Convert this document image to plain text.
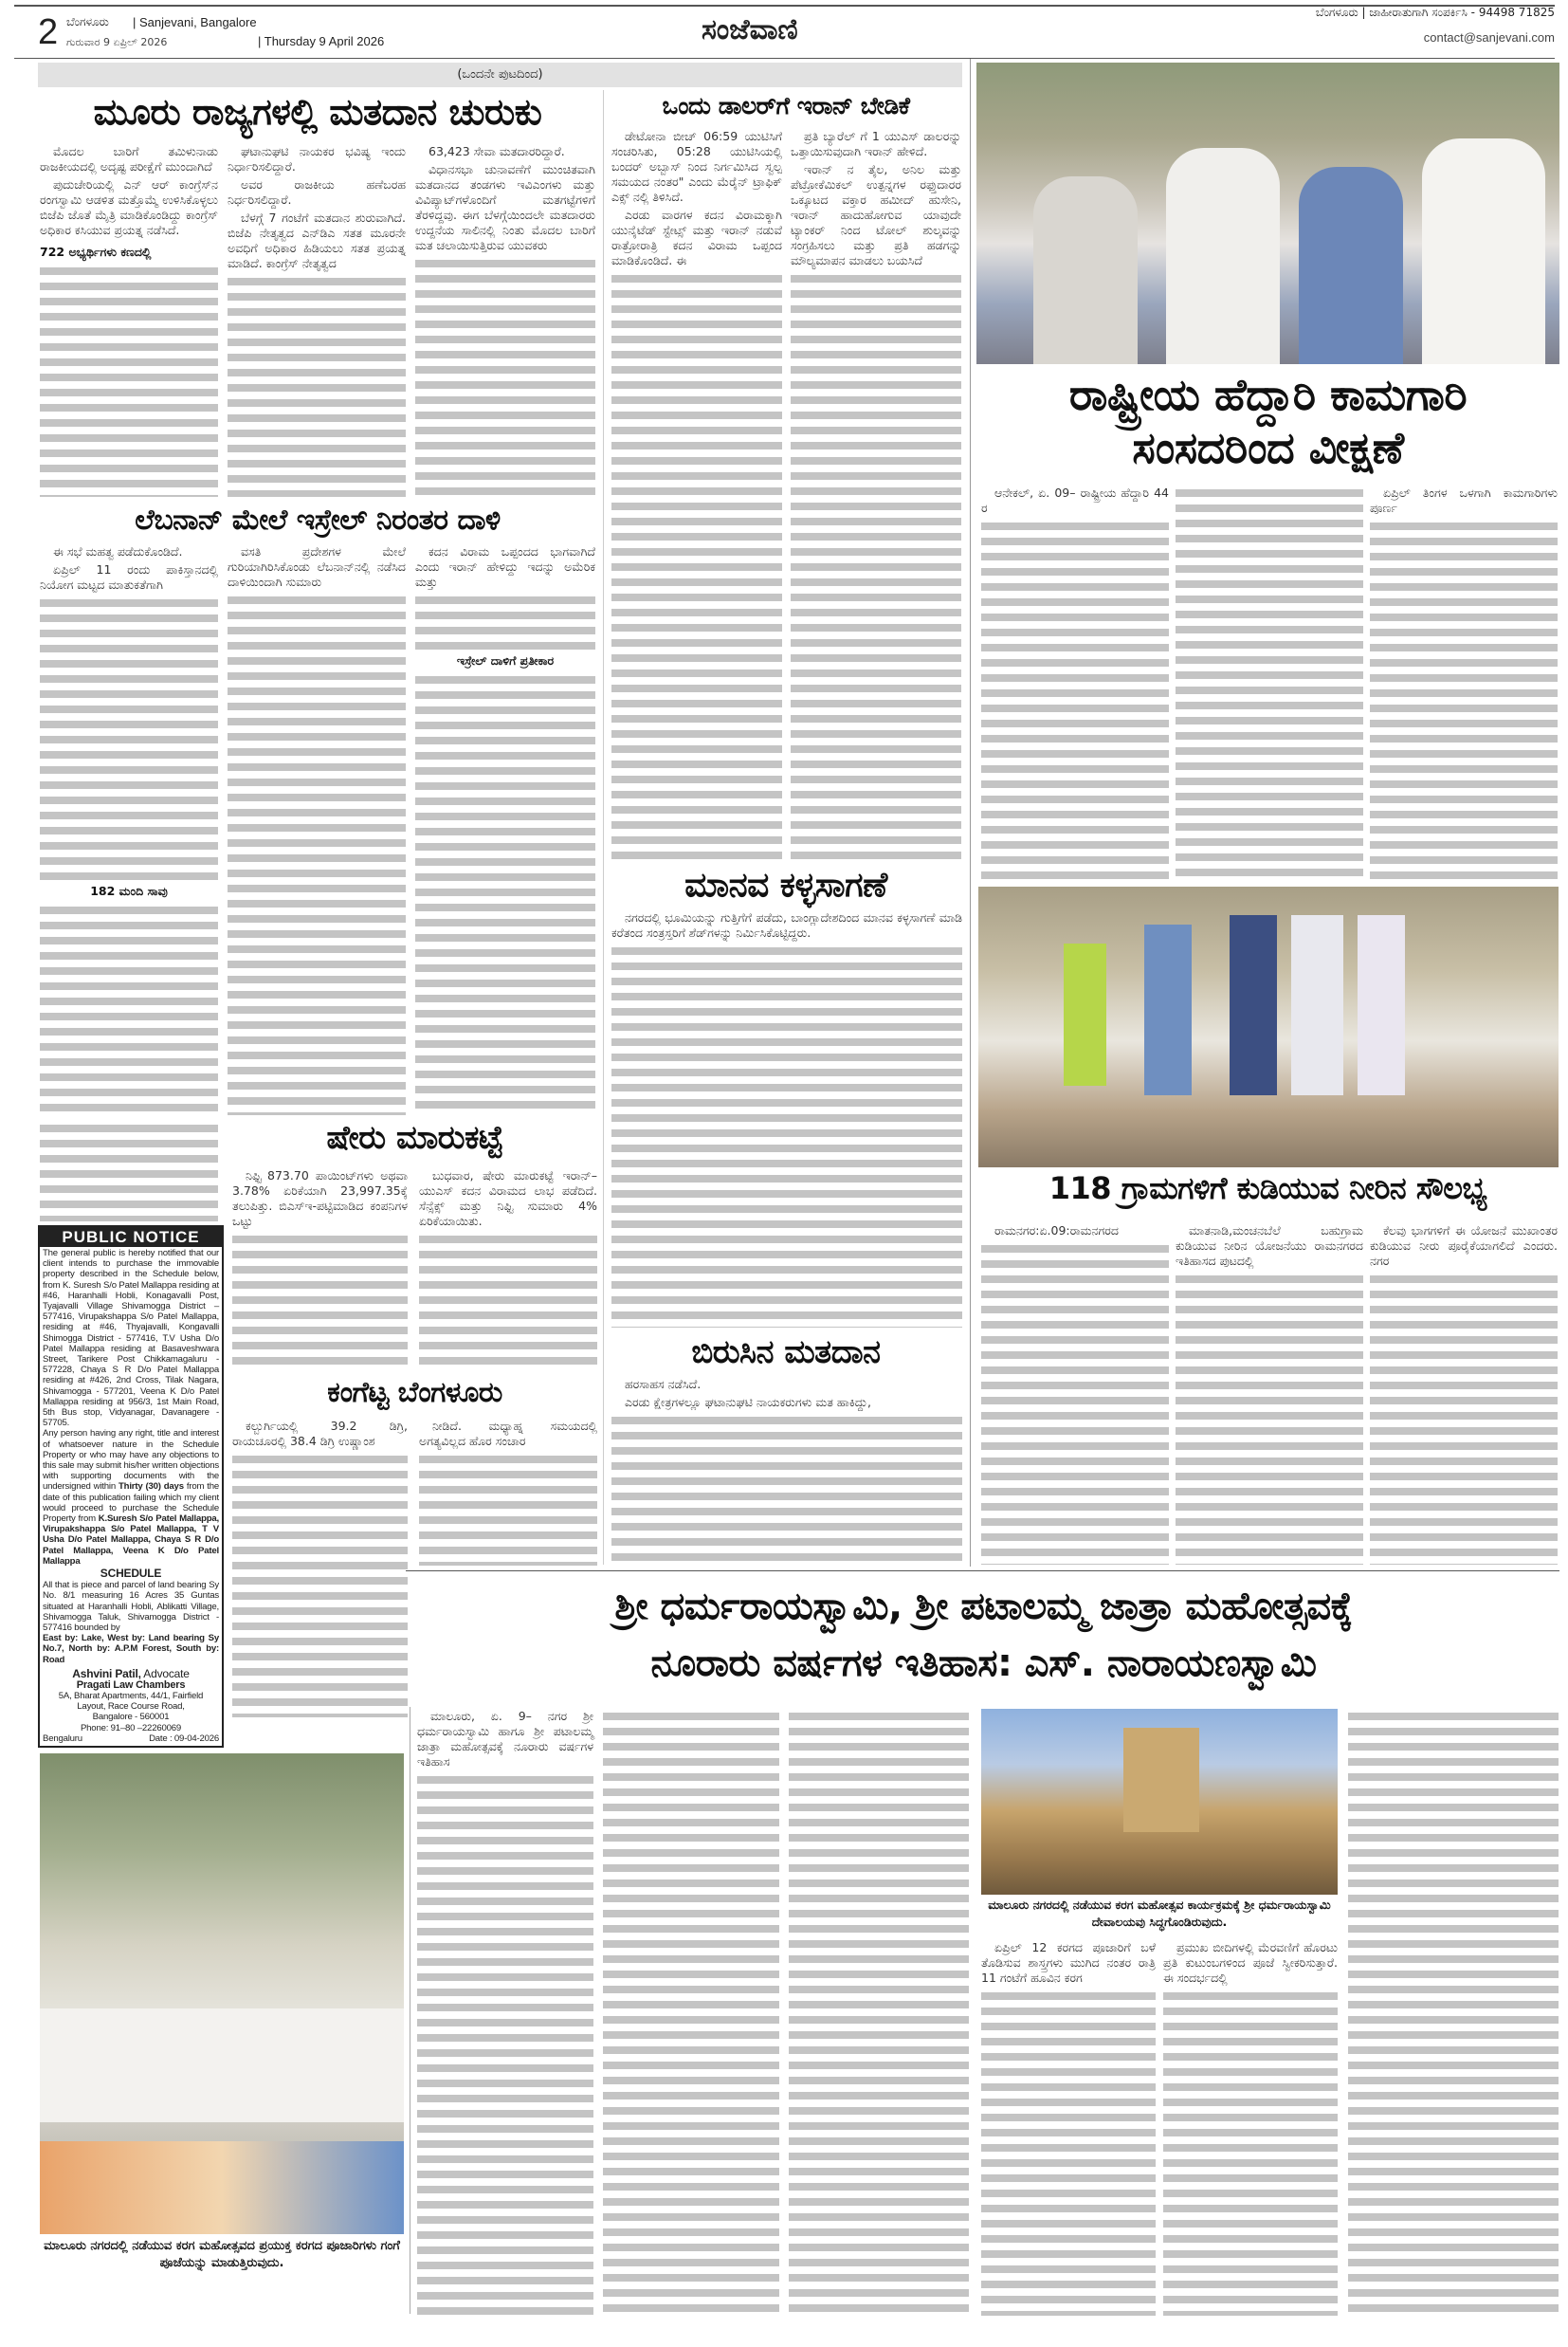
2 ಬೆಂಗಳೂರು | Sanjevani, Bangalore
ಗುರುವಾರ 9 ಏಪ್ರಿಲ್ 2026	| Thursday 9 April 2026	ಸಂಜೆವಾಣಿ
ಬೆಂಗಳೂರು | ಜಾಹೀರಾತುಗಾಗಿ ಸಂಪರ್ಕಿಸಿ - 94498 71825
contact@sanjevani.com
(ಒಂದನೇ ಪುಟದಿಂದ)
ಮೂರು ರಾಜ್ಯಗಳಲ್ಲಿ ಮತದಾನ ಚುರುಕು

ಮೊದಲ ಬಾರಿಗೆ ತಮಿಳುನಾಡು ರಾಜಕೀಯದಲ್ಲಿ ಅದೃಷ್ಟ ಪರೀಕ್ಷೆಗೆ ಮುಂದಾಗಿದೆ

ಪುದುಚೇರಿಯಲ್ಲಿ ಎನ್ ಆರ್ ಕಾಂಗ್ರೆಸ್‌ನ ರಂಗಸ್ವಾಮಿ ಆಡಳಿತ ಮತ್ತೊಮ್ಮೆ ಉಳಿಸಿಕೊಳ್ಳಲು ಬಿಜೆಪಿ ಜೊತೆ ಮೈತ್ರಿ ಮಾಡಿಕೊಂಡಿದ್ದು ಕಾಂಗ್ರೆಸ್ ಅಧಿಕಾರ ಕಸಿಯುವ ಪ್ರಯತ್ನ ನಡೆಸಿದೆ.

722 ಅಭ್ಯರ್ಥಿಗಳು ಕಣದಲ್ಲಿ

ಘಟಾನುಘಟಿ ನಾಯಕರ ಭವಿಷ್ಯ ಇಂದು ನಿರ್ಧಾರಿಸಲಿದ್ದಾರೆ.

ಅವರ ರಾಜಕೀಯ ಹಣೆಬರಹ ನಿರ್ಧರಿಸಲಿದ್ದಾರೆ.

ಬೆಳಗ್ಗೆ 7 ಗಂಟೆಗೆ ಮತದಾನ ಶುರುವಾಗಿದೆ. ಬಿಜೆಪಿ ನೇತೃತ್ವದ ಎನ್‌ಡಿಎ ಸತತ ಮೂರನೇ ಅವಧಿಗೆ ಅಧಿಕಾರ ಹಿಡಿಯಲು ಸತತ ಪ್ರಯತ್ನ ಮಾಡಿದೆ. ಕಾಂಗ್ರೆಸ್ ನೇತೃತ್ವದ

63,423 ಸೇವಾ ಮತದಾರರಿದ್ದಾರೆ.

ವಿಧಾನಸಭಾ ಚುನಾವಣೆಗೆ ಮುಂಚಿತವಾಗಿ ಮತದಾನದ ತಂಡಗಳು ಇವಿಎಂಗಳು ಮತ್ತು ವಿವಿಪ್ಯಾಟ್‌ಗಳೊಂದಿಗೆ ಮತಗಟ್ಟೆಗಳಿಗೆ ತೆರಳಿದ್ದವು. ಈಗ ಬೆಳಗ್ಗೆಯಿಂದಲೇ ಮತದಾರರು ಉದ್ದನೆಯ ಸಾಲಿನಲ್ಲಿ ನಿಂತು ಮೊದಲ ಬಾರಿಗೆ ಮತ ಚಲಾಯಿಸುತ್ತಿರುವ ಯುವಕರು

ಒಂದು ಡಾಲರ್‌ಗೆ ಇರಾನ್ ಬೇಡಿಕೆ

ಡೇಟೋನಾ ಬೀಚ್ 06:59 ಯುಟಿಸಿಗೆ ಸಂಚರಿಸಿತು, 05:28 ಯುಟಿಸಿಯಲ್ಲಿ ಬಂದರ್ ಅಬ್ಬಾಸ್ ನಿಂದ ನಿರ್ಗಮಿಸಿದ ಸ್ವಲ್ಪ ಸಮಯದ ನಂತರ" ಎಂದು ಮೆರೈನ್ ಟ್ರಾಫಿಕ್ ಎಕ್ಸ್ ನಲ್ಲಿ ತಿಳಿಸಿದೆ.

ಎರಡು ವಾರಗಳ ಕದನ ವಿರಾಮಕ್ಕಾಗಿ ಯುನೈಟೆಡ್ ಸ್ಟೇಟ್ಸ್ ಮತ್ತು ಇರಾನ್ ನಡುವೆ ರಾತ್ರೋರಾತ್ರಿ ಕದನ ವಿರಾಮ ಒಪ್ಪಂದ ಮಾಡಿಕೊಂಡಿದೆ. ಈ

ಪ್ರತಿ ಬ್ಯಾರೆಲ್ ಗೆ 1 ಯುಎಸ್ ಡಾಲರನ್ನು ಒತ್ತಾಯಿಸುವುದಾಗಿ ಇರಾನ್ ಹೇಳಿದೆ.

ಇರಾನ್ ನ ತೈಲ, ಅನಿಲ ಮತ್ತು ಪೆಟ್ರೋಕೆಮಿಕಲ್ ಉತ್ಪನ್ನಗಳ ರಫ್ತುದಾರರ ಒಕ್ಕೂಟದ ವಕ್ತಾರ ಹಮೀದ್ ಹುಸೇನಿ, ಇರಾನ್ ಹಾದುಹೋಗುವ ಯಾವುದೇ ಟ್ಯಾಂಕರ್ ನಿಂದ ಟೋಲ್ ಶುಲ್ಕವನ್ನು ಸಂಗ್ರಹಿಸಲು ಮತ್ತು ಪ್ರತಿ ಹಡಗನ್ನು ಮೌಲ್ಯಮಾಪನ ಮಾಡಲು ಬಯಸಿದೆ

ಲೆಬನಾನ್ ಮೇಲೆ ಇಸ್ರೇಲ್ ನಿರಂತರ ದಾಳಿ

ಈ ಸಭೆ ಮಹತ್ವ ಪಡೆದುಕೊಂಡಿದೆ.

ಏಪ್ರಿಲ್ 11 ರಂದು ಪಾಕಿಸ್ತಾನದಲ್ಲಿ ನಿಯೋಗ ಮಟ್ಟದ ಮಾತುಕತೆಗಾಗಿ

182 ಮಂದಿ ಸಾವು

ವಸತಿ ಪ್ರದೇಶಗಳ ಮೇಲೆ ಗುರಿಯಾಗಿರಿಸಿಕೊಂಡು ಲೆಬನಾನ್‌ನಲ್ಲಿ ನಡೆಸಿದ ದಾಳಿಯಿಂದಾಗಿ ಸುಮಾರು

ಕದನ ವಿರಾಮ ಒಪ್ಪಂದದ ಭಾಗವಾಗಿದೆ ಎಂದು ಇರಾನ್ ಹೇಳಿದ್ದು ಇದನ್ನು ಅಮೆರಿಕ ಮತ್ತು

ಇಸ್ರೇಲ್ ದಾಳಿಗೆ ಪ್ರತೀಕಾರ

PUBLIC NOTICE
The general public is hereby notified that our client intends to purchase the immovable property described in the Schedule below, from K. Suresh S/o Patel Mallappa residing at #46, Haranhalli Hobli, Konagavalli Post, Tyajavalli Village Shivamogga District – 577416, Virupakshappa S/o Patel Mallappa, residing at #46, Thyajavalli, Kongavalli Shimogga District - 577416, T.V Usha D/o Patel Mallappa residing at Basaveshwara Street, Tarikere Post Chikkamagaluru - 577228, Chaya S R D/o Patel Mallappa residing at #426, 2nd Cross, Tilak Nagara, Shivamogga - 577201, Veena K D/o Patel Mallappa residing at 956/3, 1st Main Road, 5th Bus stop, Vidyanagar, Davanagere - 57705.
Any person having any right, title and interest of whatsoever nature in the Schedule Property or who may have any objections to this sale may submit his/her written objections with supporting documents with the undersigned within Thirty (30) days from the date of this publication failing which my client would proceed to purchase the Schedule Property from K.Suresh S/o Patel Mallappa, Virupakshappa S/o Patel Mallappa, T V Usha D/o Patel Mallappa, Chaya S R D/o Patel Mallappa, Veena K D/o Patel Mallappa
SCHEDULE
All that is piece and parcel of land bearing Sy No. 8/1 measuring 16 Acres 35 Guntas situated at Haranhalli Hobli, Ablikatti Village, Shivamogga Taluk, Shivamogga District - 577416 bounded by
East by: Lake, West by: Land bearing Sy No.7, North by: A.P.M Forest, South by: Road
Ashvini Patil, Advocate
Pragati Law Chambers
5A, Bharat Apartments, 44/1, Fairfield
Layout, Race Course Road,
Bangalore - 560001
Phone: 91–80 –22260069
Bengaluru	Date : 09-04-2026
ಷೇರು ಮಾರುಕಟ್ಟೆ

ನಿಫ್ಟಿ 873.70 ಪಾಯಿಂಟ್‌ಗಳು ಅಥವಾ 3.78% ಏರಿಕೆಯಾಗಿ 23,997.35ಕ್ಕೆ ತಲುಪಿತ್ತು. ಬಿಎಸ್‌ಇ-ಪಟ್ಟಿಮಾಡಿದ ಕಂಪನಿಗಳ ಒಟ್ಟು

ಬುಧವಾರ, ಷೇರು ಮಾರುಕಟ್ಟೆ ಇರಾನ್–ಯುಎಸ್ ಕದನ ವಿರಾಮದ ಲಾಭ ಪಡೆದಿದೆ. ಸೆನ್ಸೆಕ್ಸ್ ಮತ್ತು ನಿಫ್ಟಿ ಸುಮಾರು 4% ಏರಿಕೆಯಾಯಿತು.

ಕಂಗೆಟ್ಟ ಬೆಂಗಳೂರು

ಕಲ್ಬುರ್ಗಿಯಲ್ಲಿ 39.2 ಡಿಗ್ರಿ, ರಾಯಚೂರಲ್ಲಿ 38.4 ಡಿಗ್ರಿ ಉಷ್ಣಾಂಶ

ನೀಡಿದೆ. ಮಧ್ಯಾಹ್ನ ಸಮಯದಲ್ಲಿ ಅಗತ್ಯವಿಲ್ಲದ ಹೊರ ಸಂಚಾರ

ಮಾನವ ಕಳ್ಳಸಾಗಣೆ

ನಗರದಲ್ಲಿ ಭೂಮಿಯನ್ನು ಗುತ್ತಿಗೆಗೆ ಪಡೆದು, ಬಾಂಗ್ಲಾದೇಶದಿಂದ ಮಾನವ ಕಳ್ಳಸಾಗಣೆ ಮಾಡಿ ಕರೆತಂದ ಸಂತ್ರಸ್ತರಿಗೆ ಶೆಡ್‌ಗಳನ್ನು ನಿರ್ಮಿಸಿಕೊಟ್ಟಿದ್ದರು.

ಬಿರುಸಿನ ಮತದಾನ

ಹರಸಾಹಸ ನಡೆಸಿದೆ.

ಎರಡು ಕ್ಷೇತ್ರಗಳಲ್ಲೂ ಘಟಾನುಘಟಿ ನಾಯಕರುಗಳು ಮತ ಹಾಕಿದ್ದು,

ರಾಷ್ಟ್ರೀಯ ಹೆದ್ದಾರಿ ಕಾಮಗಾರಿ
ಸಂಸದರಿಂದ ವೀಕ್ಷಣೆ

ಆನೇಕಲ್, ಏ. 09– ರಾಷ್ಟ್ರೀಯ ಹೆದ್ದಾರಿ 44 ರ

ಏಪ್ರಿಲ್ ತಿಂಗಳ ಒಳಗಾಗಿ ಕಾಮಗಾರಿಗಳು ಪೂರ್ಣ

118 ಗ್ರಾಮಗಳಿಗೆ ಕುಡಿಯುವ ನೀರಿನ ಸೌಲಭ್ಯ

ರಾಮನಗರ:ಏ.09:ರಾಮನಗರದ	ಮಾತನಾಡಿ,ಮಂಚನಬೆಲೆ ಬಹುಗ್ರಾಮ ಕುಡಿಯುವ ನೀರಿನ ಯೋಜನೆಯು ರಾಮನಗರದ ಇತಿಹಾಸದ ಪುಟದಲ್ಲಿ

ಕೆಲವು ಭಾಗಗಳಿಗೆ ಈ ಯೋಜನೆ ಮುಖಾಂತರ ಕುಡಿಯುವ ನೀರು ಪೂರೈಕೆಯಾಗಲಿದೆ ಎಂದರು. ನಗರ

ಶ್ರೀ ಧರ್ಮರಾಯಸ್ವಾಮಿ, ಶ್ರೀ ಪಟಾಲಮ್ಮ ಜಾತ್ರಾ ಮಹೋತ್ಸವಕ್ಕೆ
ನೂರಾರು ವರ್ಷಗಳ ಇತಿಹಾಸ: ಎಸ್. ನಾರಾಯಣಸ್ವಾಮಿ
ಮಾಲೂರು ನಗರದಲ್ಲಿ ನಡೆಯುವ ಕರಗ ಮಹೋತ್ಸವದ ಪ್ರಯುಕ್ತ ಕರಗದ ಪೂಜಾರಿಗಳು ಗಂಗೆ ಪೂಜೆಯನ್ನು ಮಾಡುತ್ತಿರುವುದು.

ಮಾಲೂರು, ಏ. 9– ನಗರ ಶ್ರೀ ಧರ್ಮರಾಯಸ್ವಾಮಿ ಹಾಗೂ ಶ್ರೀ ಪಟಾಲಮ್ಮ ಜಾತ್ರಾ ಮಹೋತ್ಸವಕ್ಕೆ ನೂರಾರು ವರ್ಷಗಳ ಇತಿಹಾಸ

ಮಾಲೂರು ನಗರದಲ್ಲಿ ನಡೆಯುವ ಕರಗ ಮಹೋತ್ಸವ ಕಾರ್ಯಕ್ರಮಕ್ಕೆ ಶ್ರೀ ಧರ್ಮರಾಯಸ್ವಾಮಿ ದೇವಾಲಯವು ಸಿದ್ಧಗೊಂಡಿರುವುದು.

ಏಪ್ರಿಲ್ 12 ಕರಗದ ಪೂಜಾರಿಗೆ ಬಳೆ ತೊಡಿಸುವ ಶಾಸ್ತ್ರಗಳು ಮುಗಿದ ನಂತರ ರಾತ್ರಿ 11 ಗಂಟೆಗೆ ಹೂವಿನ ಕರಗ

ಪ್ರಮುಖ ಬೀದಿಗಳಲ್ಲಿ ಮೆರವಣಿಗೆ ಹೊರಟು ಪ್ರತಿ ಕುಟುಂಬಗಳಿಂದ ಪೂಜೆ ಸ್ವೀಕರಿಸುತ್ತಾರೆ. ಈ ಸಂದರ್ಭದಲ್ಲಿ
